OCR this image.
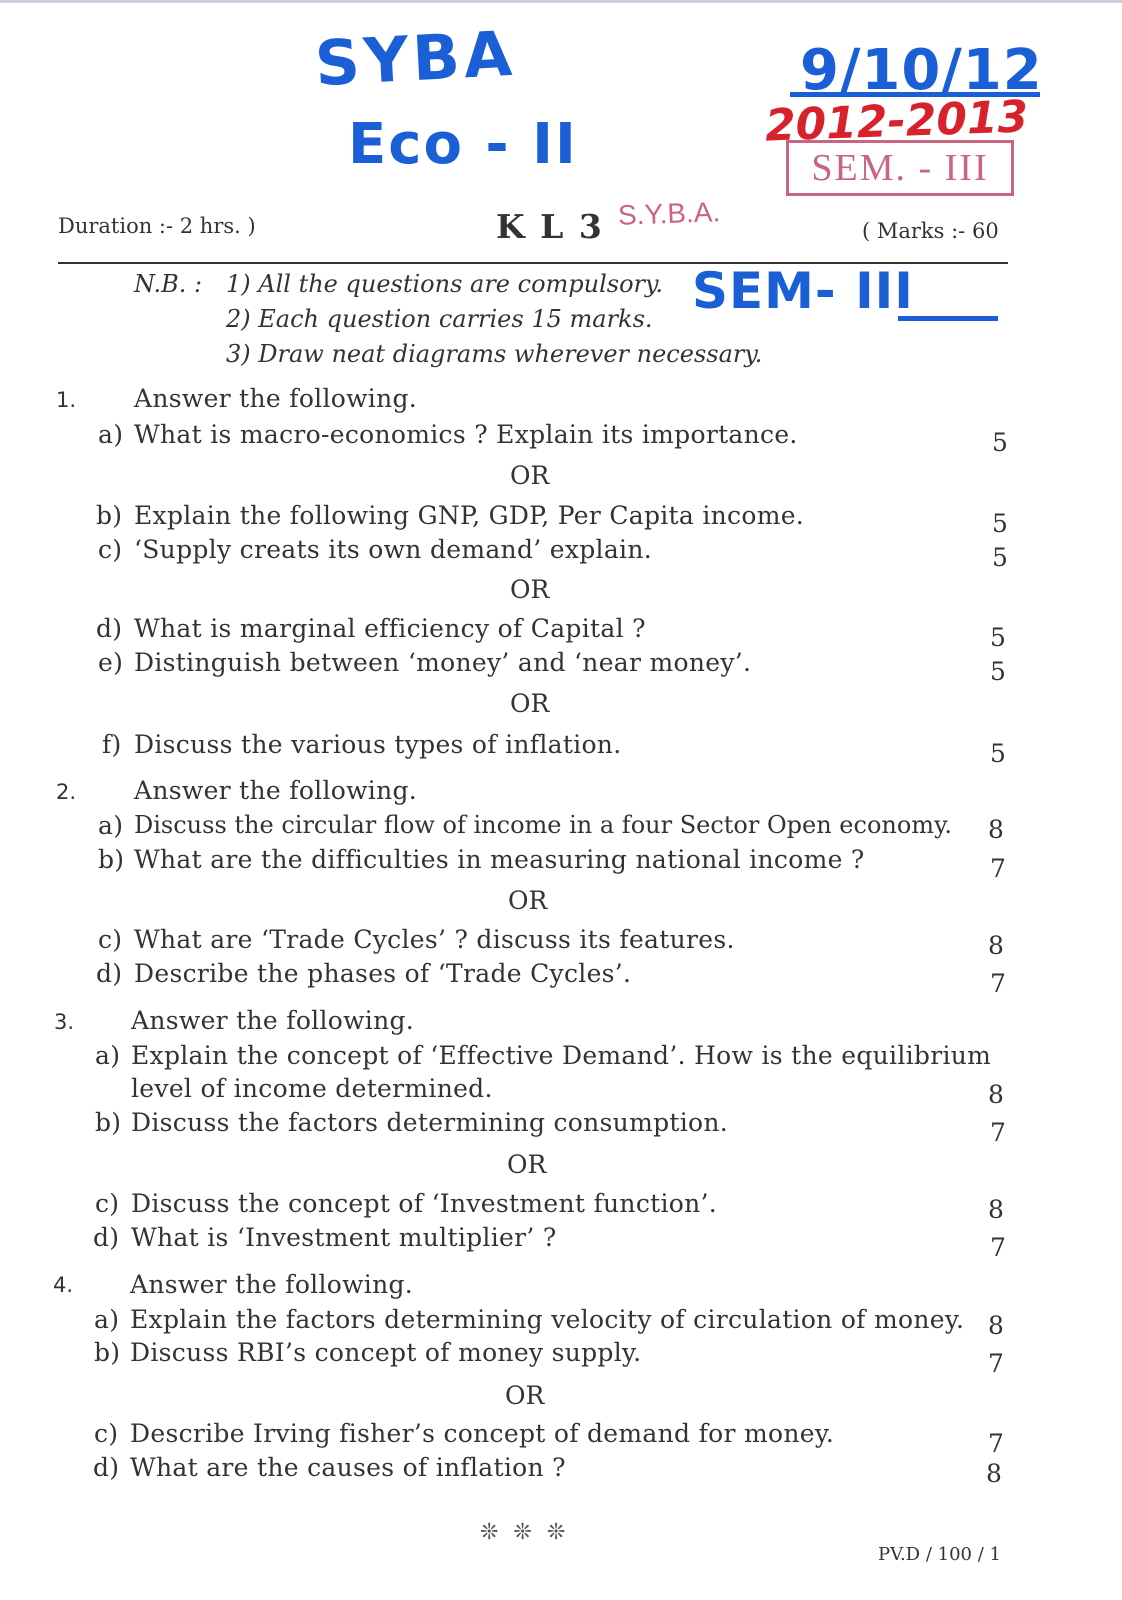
SYBA
Eco - II
9/10/12
2012-2013
SEM- III
SEM. - III
S.Y.B.A.
Duration :- 2 hrs. )	K L 3	( Marks :- 60
N.B. : 1) All the questions are compulsory.
2) Each question carries 15 marks.
3) Draw neat diagrams wherever necessary.
1. Answer the following.
a) What is macro-economics ? Explain its importance.	5
OR
b) Explain the following GNP, GDP, Per Capita income.	5
c) ‘Supply creats its own demand’ explain.	5
OR
d) What is marginal efficiency of Capital ?	5
e) Distinguish between ‘money’ and ‘near money’.	5
OR
f) Discuss the various types of inflation.	5
2. Answer the following.
a) Discuss the circular flow of income in a four Sector Open economy. 8
b) What are the difficulties in measuring national income ?	7
OR
c) What are ‘Trade Cycles’ ? discuss its features.	8
d) Describe the phases of ‘Trade Cycles’.	7
3. Answer the following.
a) Explain the concept of ‘Effective Demand’. How is the equilibrium
level of income determined.	8
b) Discuss the factors determining consumption.	7
OR
c) Discuss the concept of ‘Investment function’.	8
d) What is ‘Investment multiplier’ ?	7
4. Answer the following.
a) Explain the factors determining velocity of circulation of money. 8
b) Discuss RBI’s concept of money supply.	7
OR
c) Describe Irving fisher’s concept of demand for money.	7
d) What are the causes of inflation ?	8
❊ ❊ ❊
PV.D / 100 / 1
